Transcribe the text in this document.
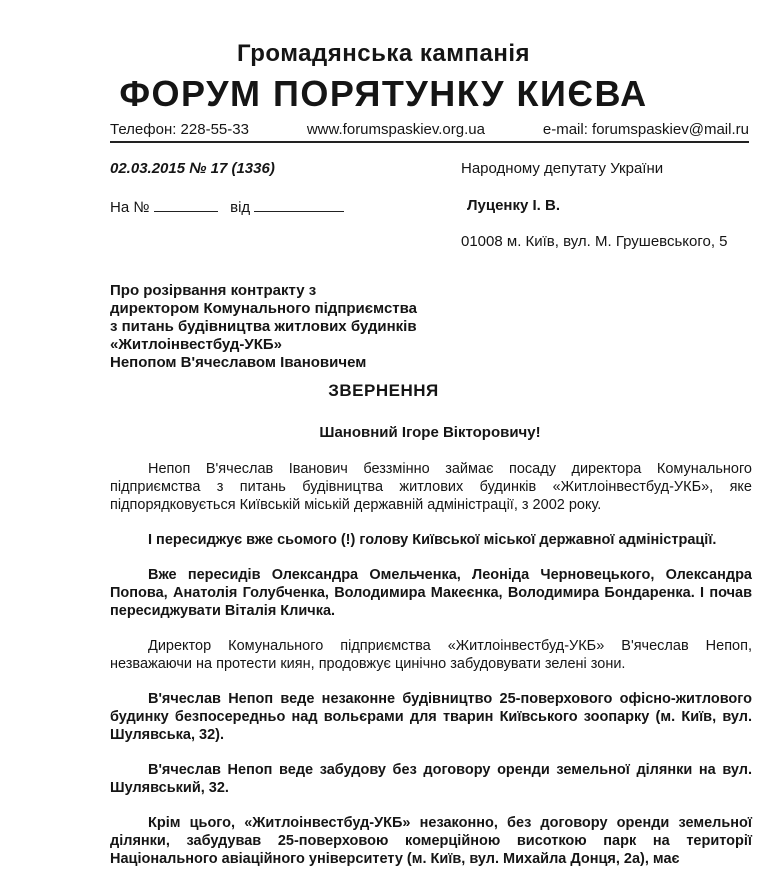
Громадянська кампанія
ФОРУМ ПОРЯТУНКУ КИЄВА
Телефон: 228-55-33	www.forumspaskiev.org.ua	e-mail: forumspaskiev@mail.ru
02.03.2015 № 17 (1336)
На №	від
Народному депутату України
Луценку І. В.
01008 м. Київ, вул. М. Грушевського, 5
Про розірвання контракту з
директором Комунального підприємства
з питань будівництва житлових будинків
«Житлоінвестбуд-УКБ»
Непопом В'ячеславом Івановичем
ЗВЕРНЕННЯ
Шановний Ігоре Вікторовичу!

Непоп В'ячеслав Іванович беззмінно займає посаду директора Комунального підприємства з питань будівництва житлових будинків «Житлоінвестбуд-УКБ», яке підпорядковується Київській міській державній адміністрації, з 2002 року.

І пересиджує вже сьомого (!) голову Київської міської державної адміністрації.

Вже пересидів Олександра Омельченка, Леоніда Черновецького, Олександра Попова, Анатолія Голубченка, Володимира Макеєнка, Володимира Бондаренка. І почав пересиджувати Віталія Кличка.

Директор Комунального підприємства «Житлоінвестбуд-УКБ» В'ячеслав Непоп, незважаючи на протести киян, продовжує цинічно забудовувати зелені зони.

В'ячеслав Непоп веде незаконне будівництво 25-поверхового офісно-житлового будинку безпосередньо над вольєрами для тварин Київського зоопарку (м. Київ, вул. Шулявська, 32).

В'ячеслав Непоп веде забудову без договору оренди земельної ділянки на вул. Шулявський, 32.

Крім цього, «Житлоінвестбуд-УКБ» незаконно, без договору оренди земельної ділянки, забудував 25-поверховою комерційною висоткою парк на території Національного авіаційного університету (м. Київ, вул. Михайла Донця, 2а), має
